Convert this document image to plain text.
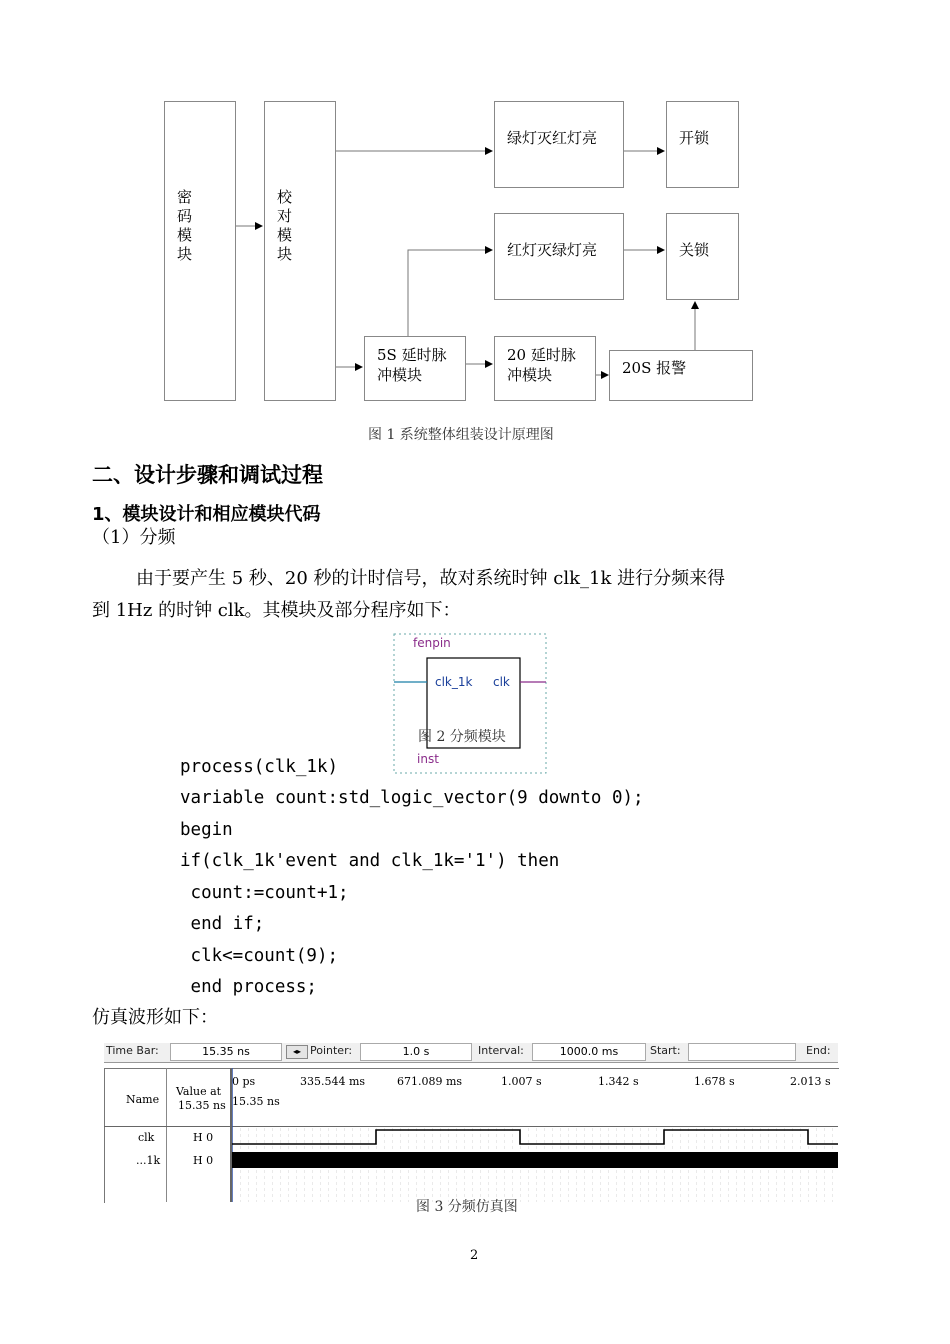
密码模块
校对模块
绿灯灭红灯亮	开锁
红灯灭绿灯亮	关锁
5S 延时脉冲模块
20 延时脉冲模块	20S 报警
图 1 系统整体组装设计原理图
二、设计步骤和调试过程
1、模块设计和相应模块代码
（1）分频
由于要产生 5 秒、20 秒的计时信号，故对系统时钟 clk_1k 进行分频来得
到 1Hz 的时钟 clk。其模块及部分程序如下：
fenpin
clk_1k clk
图 2 分频模块
inst
process(clk_1k)
variable count:std_logic_vector(9 downto 0);
begin
if(clk_1k'event and clk_1k='1') then
count:=count+1;
end if;
clk<=count(9);
end process;
仿真波形如下：
Time Bar:	15.35 ns	◂▸ Pointer:	1.0 s	Interval:	1000.0 ms	Start:	End:
Name
Value at
15.35 ns
0 ps	335.544 ms	671.089 ms	1.007 s	1.342 s	1.678 s	2.013 s
15.35 ns
clk	H 0
...1k	H 0
图 3 分频仿真图
2
